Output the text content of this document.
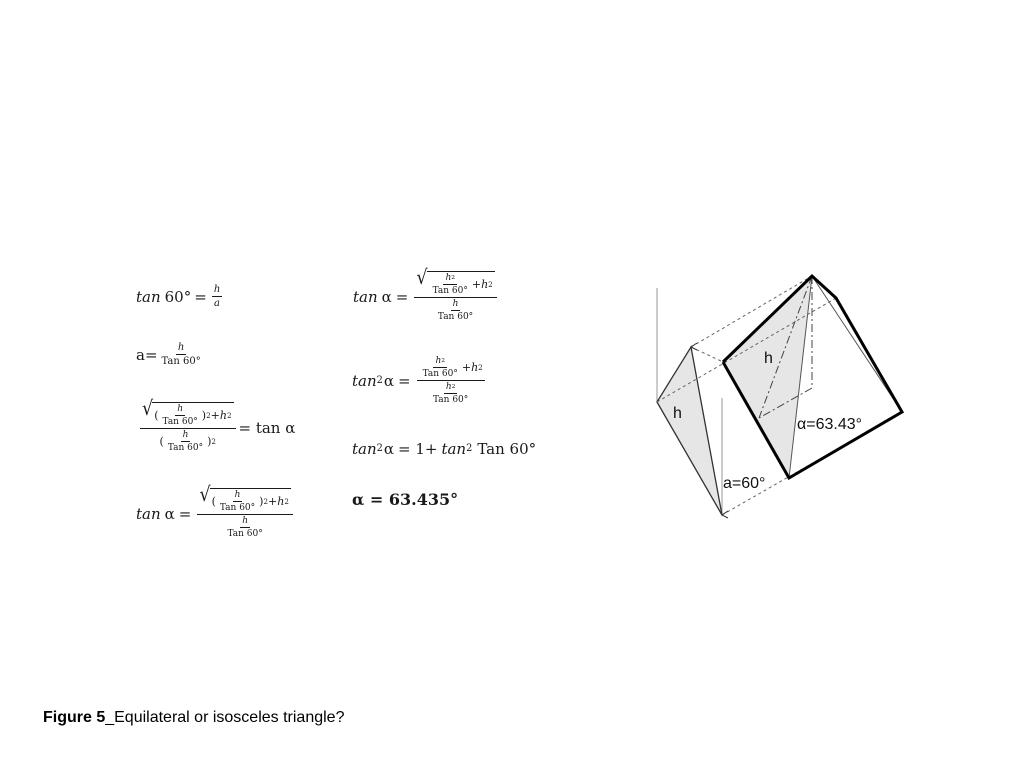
$\tan 60^\circ = \frac{h}{a}$
$a= \frac{h}{\text{Tan 60°}}$
$\frac{√ ( \frac{h}{\text{Tan 60°}} ) 2 + h 2}{( \frac{h}{\text{Tan 60°}} ) 2} = \tan \alpha$
$\tan \alpha = \frac{√ ( \frac{h}{\text{Tan 60°}} ) 2 + h 2}{\frac{h}{\text{Tan 60°}}}$
$\tan \alpha = \frac{√ \frac{h 2}{\text{Tan 60°}} + h 2}{\frac{h}{\text{Tan 60°}}}$
tan 2 $\alpha = \frac{\frac{h 2}{\text{Tan 60°}} + h 2}{\frac{h 2}{\text{Tan 60°}}}$
tan 2 α = 1+ tan 2 Tan 60°
α = 63.435°
h
h
α=63.43°
a=60°
Figure 5_Equilateral or isosceles triangle?
